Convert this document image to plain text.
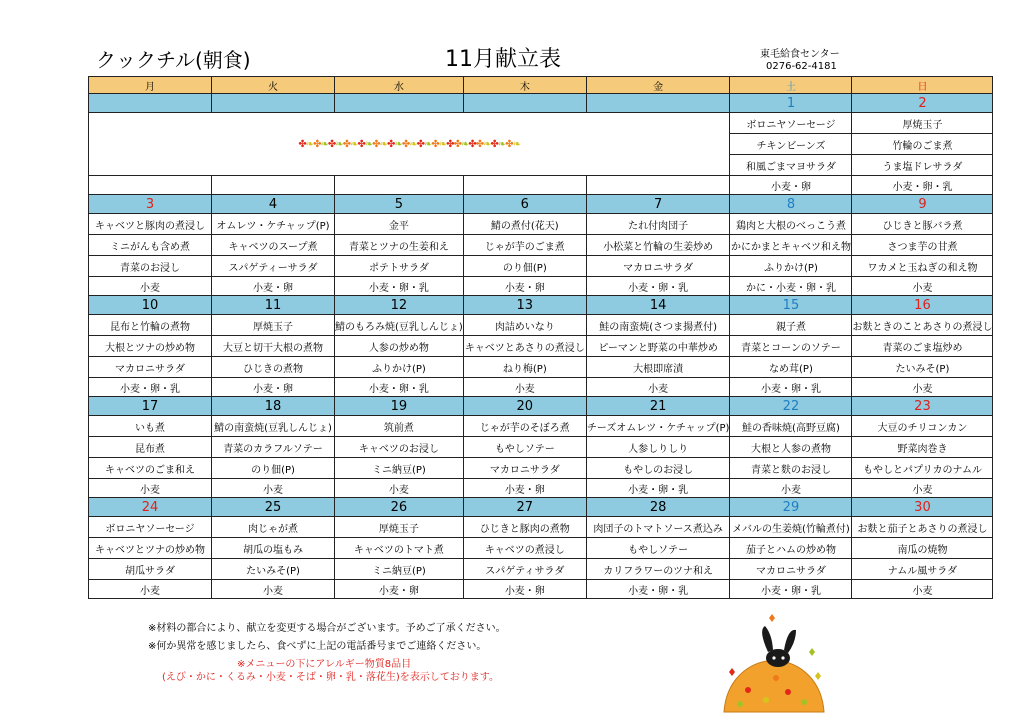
クックチル(朝食)	11月献立表	東毛給食センター
0276-62-4181
月	火	水	木	金	土	日
					1	2
✤❧✤❧✤❧✤❧✤❧✤❧✤❧✤❧✤❧✤❧✤✤❧✤✤❧✤❧✤❧					ボロニヤソーセージ	厚焼玉子
					チキンビーンズ	竹輪のごま煮
					和風ごまマヨサラダ	うま塩ドレサラダ
					小麦・卵	小麦・卵・乳
3	4	5	6	7	8	9
キャベツと豚肉の煮浸し	オムレツ・ケチャップ(P)	金平	鯖の煮付(花天)	たれ付肉団子	鶏肉と大根のべっこう煮	ひじきと豚バラ煮
ミニがんも含め煮	キャベツのスープ煮	青菜とツナの生姜和え	じゃが芋のごま煮	小松菜と竹輪の生姜炒め	かにかまとキャベツ和え物	さつま芋の甘煮
青菜のお浸し	スパゲティーサラダ	ポテトサラダ	のり佃(P)	マカロニサラダ	ふりかけ(P)	ワカメと玉ねぎの和え物
小麦	小麦・卵	小麦・卵・乳	小麦・卵	小麦・卵・乳	かに・小麦・卵・乳	小麦
10	11	12	13	14	15	16
昆布と竹輪の煮物	厚焼玉子	鯖のもろみ焼(豆乳しんじょ)	肉詰めいなり	鮭の南蛮焼(さつま揚煮付)	親子煮	お麩ときのことあさりの煮浸し
大根とツナの炒め物	大豆と切干大根の煮物	人参の炒め物	キャベツとあさりの煮浸し	ピーマンと野菜の中華炒め	青菜とコーンのソテー	青菜のごま塩炒め
マカロニサラダ	ひじきの煮物	ふりかけ(P)	ねり梅(P)	大根即席漬	なめ茸(P)	たいみそ(P)
小麦・卵・乳	小麦・卵	小麦・卵・乳	小麦	小麦	小麦・卵・乳	小麦
17	18	19	20	21	22	23
いも煮	鯖の南蛮焼(豆乳しんじょ)	筑前煮	じゃが芋のそぼろ煮	チーズオムレツ・ケチャップ(P)	鮭の香味焼(高野豆腐)	大豆のチリコンカン
昆布煮	青菜のカラフルソテー	キャベツのお浸し	もやしソテー	人参しりしり	大根と人参の煮物	野菜肉巻き
キャベツのごま和え	のり佃(P)	ミニ納豆(P)	マカロニサラダ	もやしのお浸し	青菜と麩のお浸し	もやしとパプリカのナムル
小麦	小麦	小麦	小麦・卵	小麦・卵・乳	小麦	小麦
24	25	26	27	28	29	30
ボロニヤソーセージ	肉じゃが煮	厚焼玉子	ひじきと豚肉の煮物	肉団子のトマトソース煮込み	メバルの生姜焼(竹輪煮付)	お麩と茄子とあさりの煮浸し
キャベツとツナの炒め物	胡瓜の塩もみ	キャベツのトマト煮	キャベツの煮浸し	もやしソテー	茄子とハムの炒め物	南瓜の焼物
胡瓜サラダ	たいみそ(P)	ミニ納豆(P)	スパゲティサラダ	カリフラワーのツナ和え	マカロニサラダ	ナムル風サラダ
小麦	小麦	小麦・卵	小麦・卵	小麦・卵・乳	小麦・卵・乳	小麦
※材料の都合により、献立を変更する場合がございます。予めご了承ください。
※何か異常を感じましたら、食べずに上記の電話番号までご連絡ください。
※メニューの下にアレルギー物質8品目
(えび・かに・くるみ・小麦・そば・卵・乳・落花生)を表示しております。
